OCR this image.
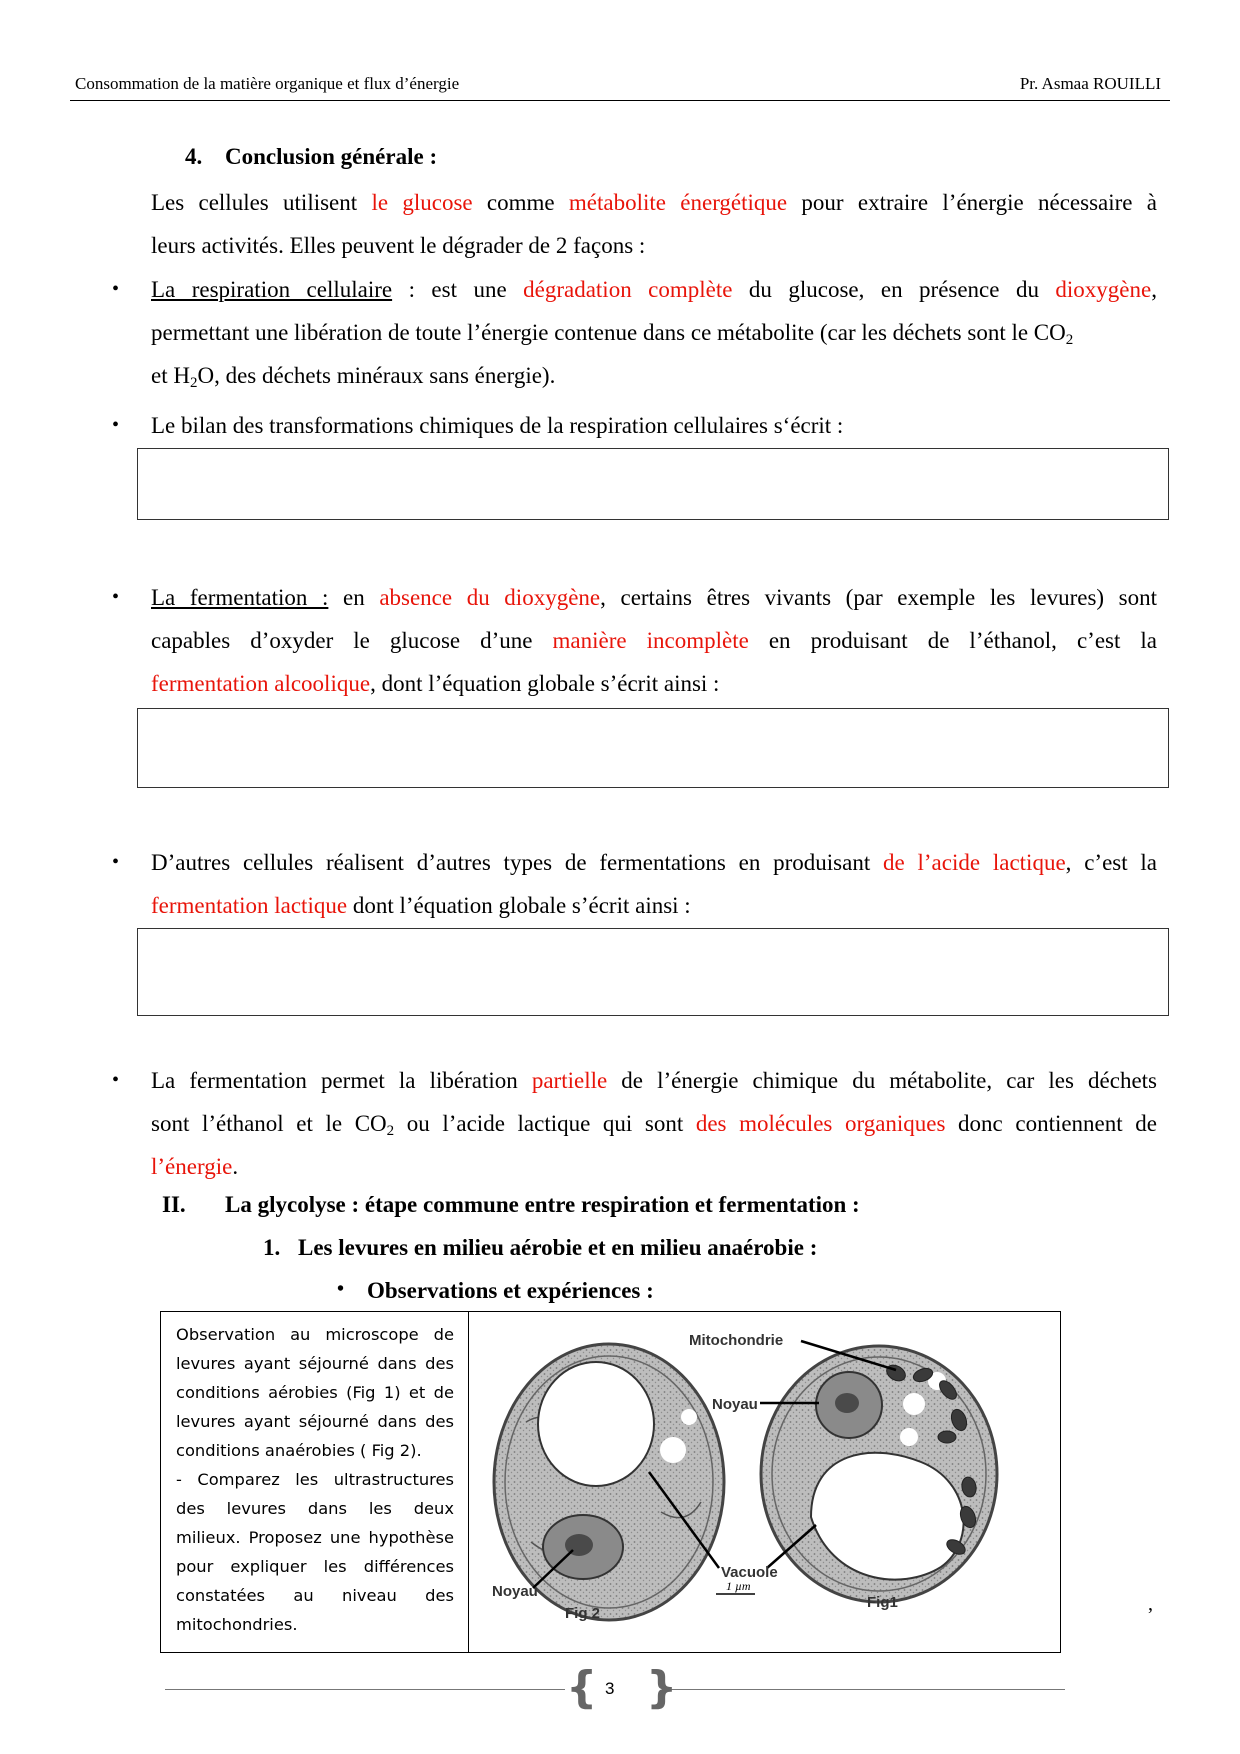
Consommation de la matière organique et flux d’énergie	Pr. Asmaa ROUILLI
4. Conclusion générale :
Les cellules utilisent le glucose comme métabolite énergétique pour extraire l’énergie nécessaire à
leurs activités. Elles peuvent le dégrader de 2 façons :
• La respiration cellulaire : est une dégradation complète du glucose, en présence du dioxygène,
permettant une libération de toute l’énergie contenue dans ce métabolite (car les déchets sont le $CO_2$
et $H_2O$, des déchets minéraux sans énergie).
• Le bilan des transformations chimiques de la respiration cellulaires s‘écrit :
• La fermentation : en absence du dioxygène, certains êtres vivants (par exemple les levures) sont
capables d’oxyder le glucose d’une manière incomplète en produisant de l’éthanol, c’est la
fermentation alcoolique, dont l’équation globale s’écrit ainsi :
• D’autres cellules réalisent d’autres types de fermentations en produisant de l’acide lactique, c’est la
fermentation lactique dont l’équation globale s’écrit ainsi :
• La fermentation permet la libération partielle de l’énergie chimique du métabolite, car les déchets
sont l’éthanol et le $CO_2$ ou l’acide lactique qui sont des molécules organiques donc contiennent de
l’énergie.
II. La glycolyse : étape commune entre respiration et fermentation :
1. Les levures en milieu aérobie et en milieu anaérobie :
• Observations et expériences :
Observation au microscope de levures ayant séjourné dans des conditions aérobies (Fig 1) et de levures ayant séjourné dans des conditions anaérobies ( Fig 2).
- Comparez les ultrastructures des levures dans les deux milieux. Proposez une hypothèse pour expliquer les différences constatées au niveau des mitochondries.
Mitochondrie
Noyau
Vacuole
Noyau	1 µm
Fig 2
Fig1	,
{ }
3
